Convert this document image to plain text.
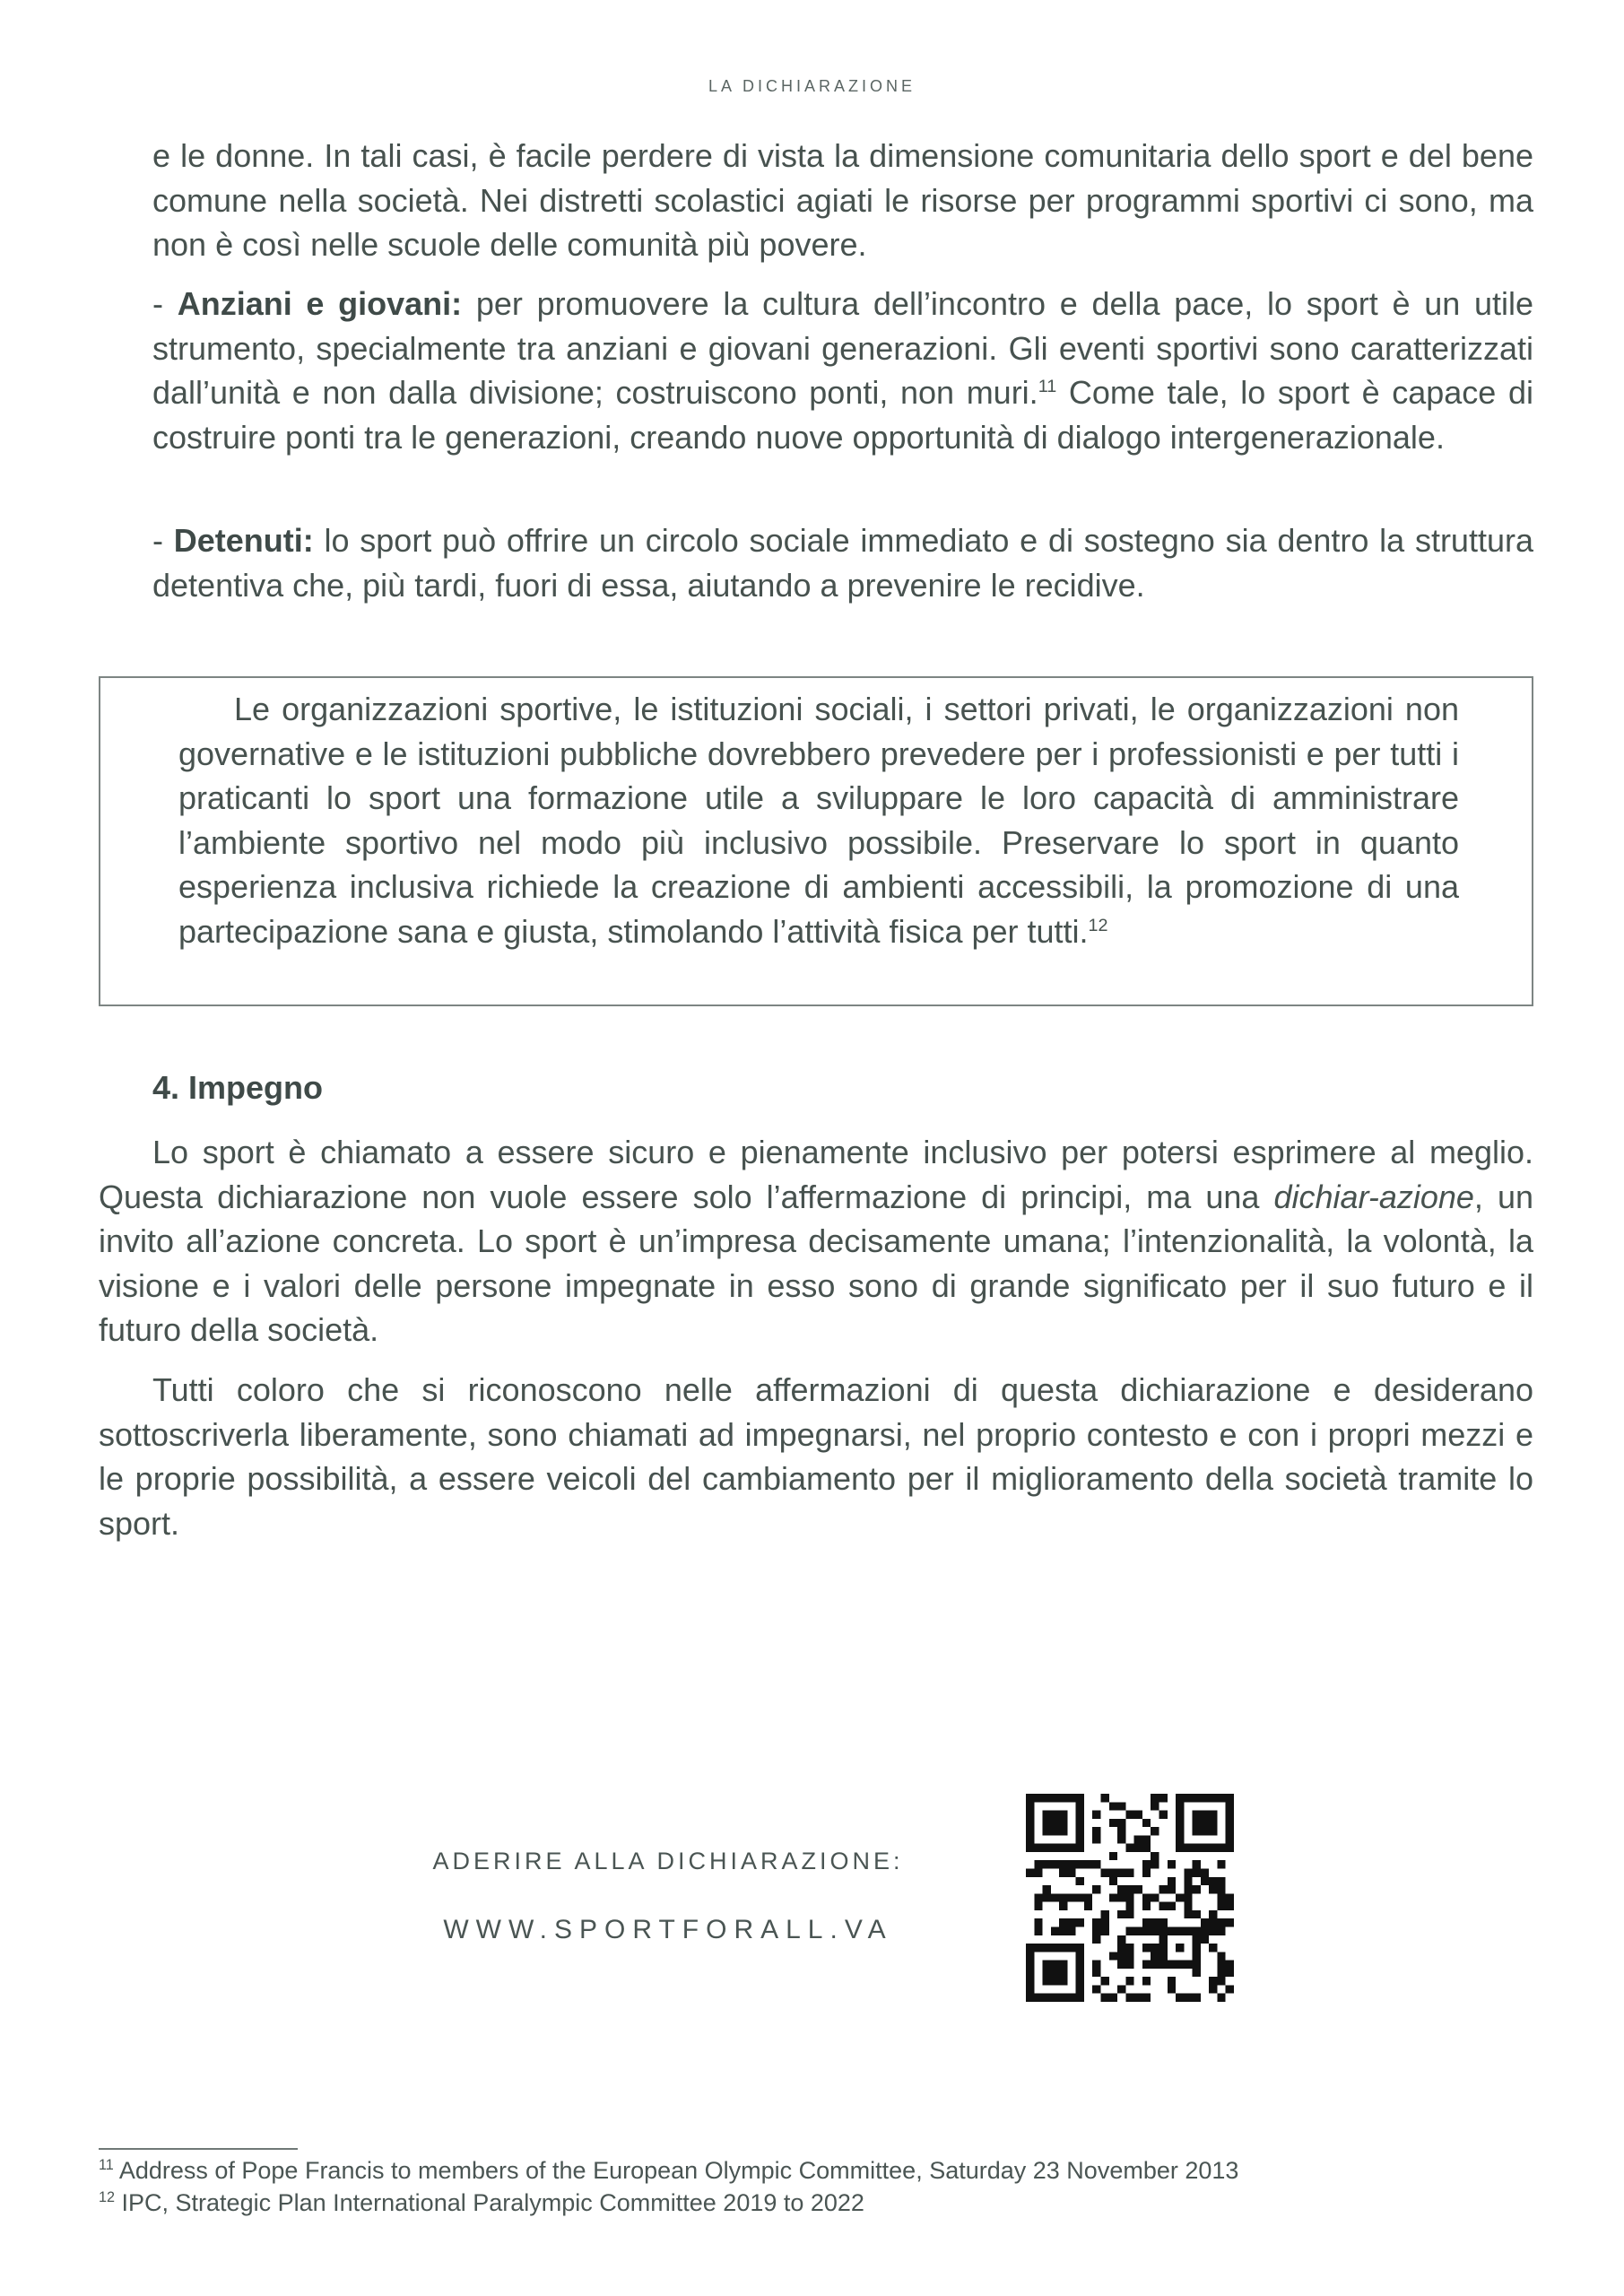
LA DICHIARAZIONE

e le donne. In tali casi, è facile perdere di vista la dimensione comunitaria dello sport e del bene comune nella società. Nei distretti scolastici agiati le risorse per programmi sportivi ci sono, ma non è così nelle scuole delle comunità più povere.

- Anziani e giovani: per promuovere la cultura dell’incontro e della pace, lo sport è un utile strumento, specialmente tra anziani e giovani generazioni. Gli eventi sportivi sono caratterizzati dall’unità e non dalla divisione; costruiscono ponti, non muri.$^{11}$ Come tale, lo sport è capace di costruire ponti tra le generazioni, creando nuove opportunità di dialogo intergenerazionale.

- Detenuti: lo sport può offrire un circolo sociale immediato e di sostegno sia dentro la struttura detentiva che, più tardi, fuori di essa, aiutando a prevenire le recidive.

Le organizzazioni sportive, le istituzioni sociali, i settori privati, le organizzazioni non governative e le istituzioni pubbliche dovrebbero prevedere per i professionisti e per tutti i praticanti lo sport una formazione utile a sviluppare le loro capacità di amministrare l’ambiente sportivo nel modo più inclusivo possibile. Preservare lo sport in quanto esperienza inclusiva richiede la creazione di ambienti accessibili, la promozione di una partecipazione sana e giusta, stimolando l’attività fisica per tutti.$^{12}$

4. Impegno

Lo sport è chiamato a essere sicuro e pienamente inclusivo per potersi esprimere al meglio. Questa dichiarazione non vuole essere solo l’affermazione di principi, ma una dichiar-azione, un invito all’azione concreta. Lo sport è un’impresa decisamente umana; l’intenzionalità, la volontà, la visione e i valori delle persone impegnate in esso sono di grande significato per il suo futuro e il futuro della società.

Tutti coloro che si riconoscono nelle affermazioni di questa dichiarazione e desiderano sottoscriverla liberamente, sono chiamati ad impegnarsi, nel proprio contesto e con i propri mezzi e le proprie possibilità, a essere veicoli del cambiamento per il miglioramento della società tramite lo sport.

ADERIRE ALLA DICHIARAZIONE:
WWW.SPORTFORALL.VA

$^{11}$ Address of Pope Francis to members of the European Olympic Committee, Saturday 23 November 2013

$^{12}$ IPC, Strategic Plan International Paralympic Committee 2019 to 2022
